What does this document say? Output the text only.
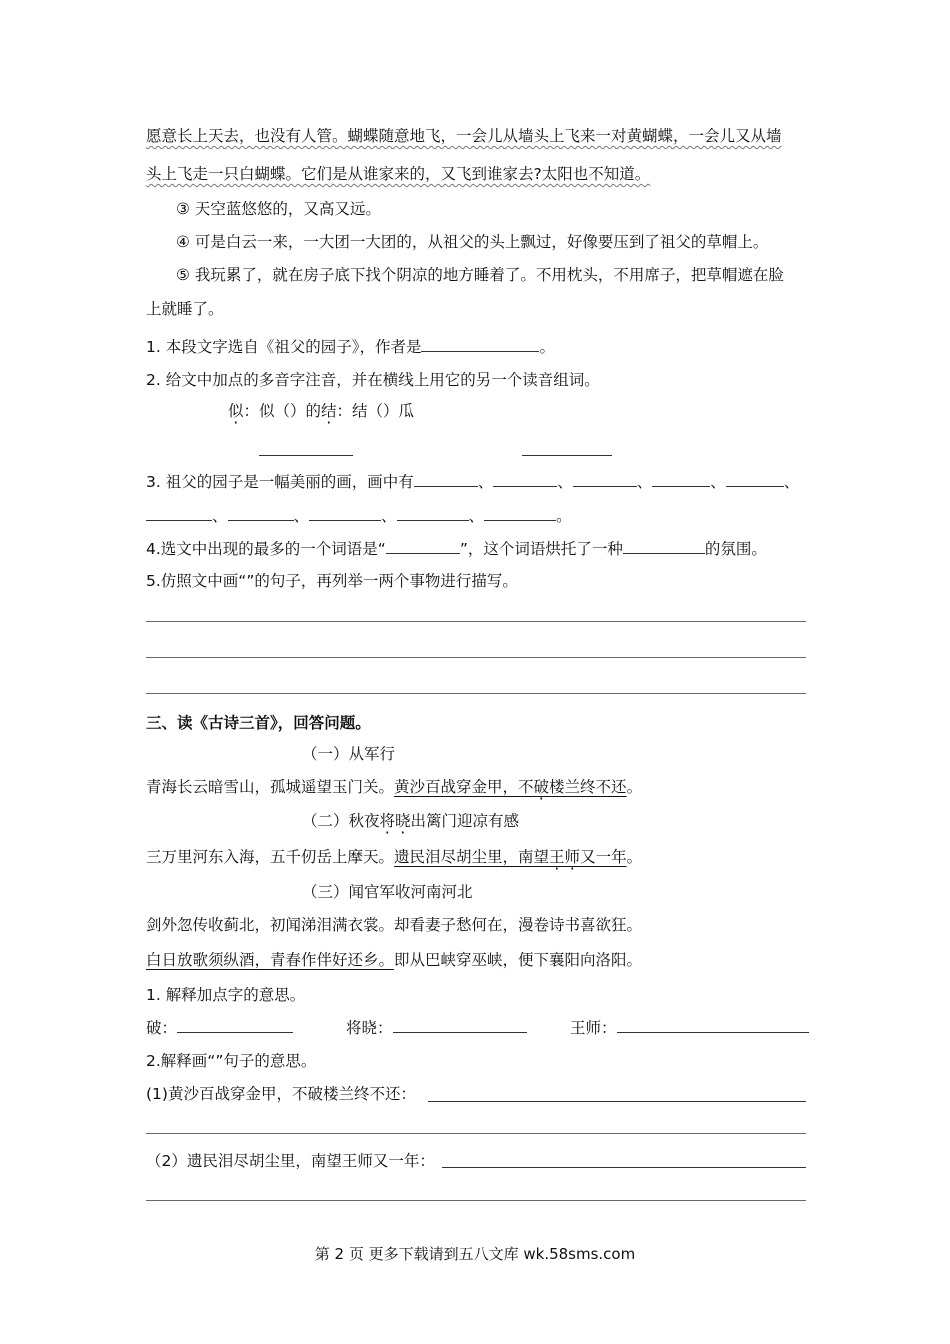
愿意长上天去，也没有人管。蝴蝶随意地飞，一会儿从墙头上飞来一对黄蝴蝶，一会儿又从墙
头上飞走一只白蝴蝶。它们是从谁家来的，又飞到谁家去?太阳也不知道。
③ 天空蓝悠悠的，又高又远。
④ 可是白云一来，一大团一大团的，从祖父的头上飘过，好像要压到了祖父的草帽上。
⑤ 我玩累了，就在房子底下找个阴凉的地方睡着了。不用枕头，不用席子，把草帽遮在脸
上就睡了。
1. 本段文字选自《祖父的园子》，作者是	。
2. 给文中加点的多音字注音，并在横线上用它的另一个读音组词。
似：似（）的结：结（）瓜
3. 祖父的园子是一幅美丽的画，画中有	、	、	、	、	、
、	、	、	、	。
4.选文中出现的最多的一个词语是“	”，这个词语烘托了一种	的氛围。
5.仿照文中画“”的句子，再列举一两个事物进行描写。
三、读《古诗三首》，回答问题。
（一）从军行
青海长云暗雪山，孤城遥望玉门关。黄沙百战穿金甲，不破楼兰终不还。
（二）秋夜将晓出篱门迎凉有感
三万里河东入海，五千仞岳上摩天。遗民泪尽胡尘里，南望王师又一年。
（三）闻官军收河南河北
剑外忽传收蓟北，初闻涕泪满衣裳。却看妻子愁何在，漫卷诗书喜欲狂。
白日放歌须纵酒，青春作伴好还乡。即从巴峡穿巫峡，便下襄阳向洛阳。
1. 解释加点字的意思。
破：	将晓：	王师：
2.解释画“”句子的意思。
(1)黄沙百战穿金甲，不破楼兰终不还：
（2）遗民泪尽胡尘里，南望王师又一年：
第 2 页 更多下载请到五八文库 wk.58sms.com
